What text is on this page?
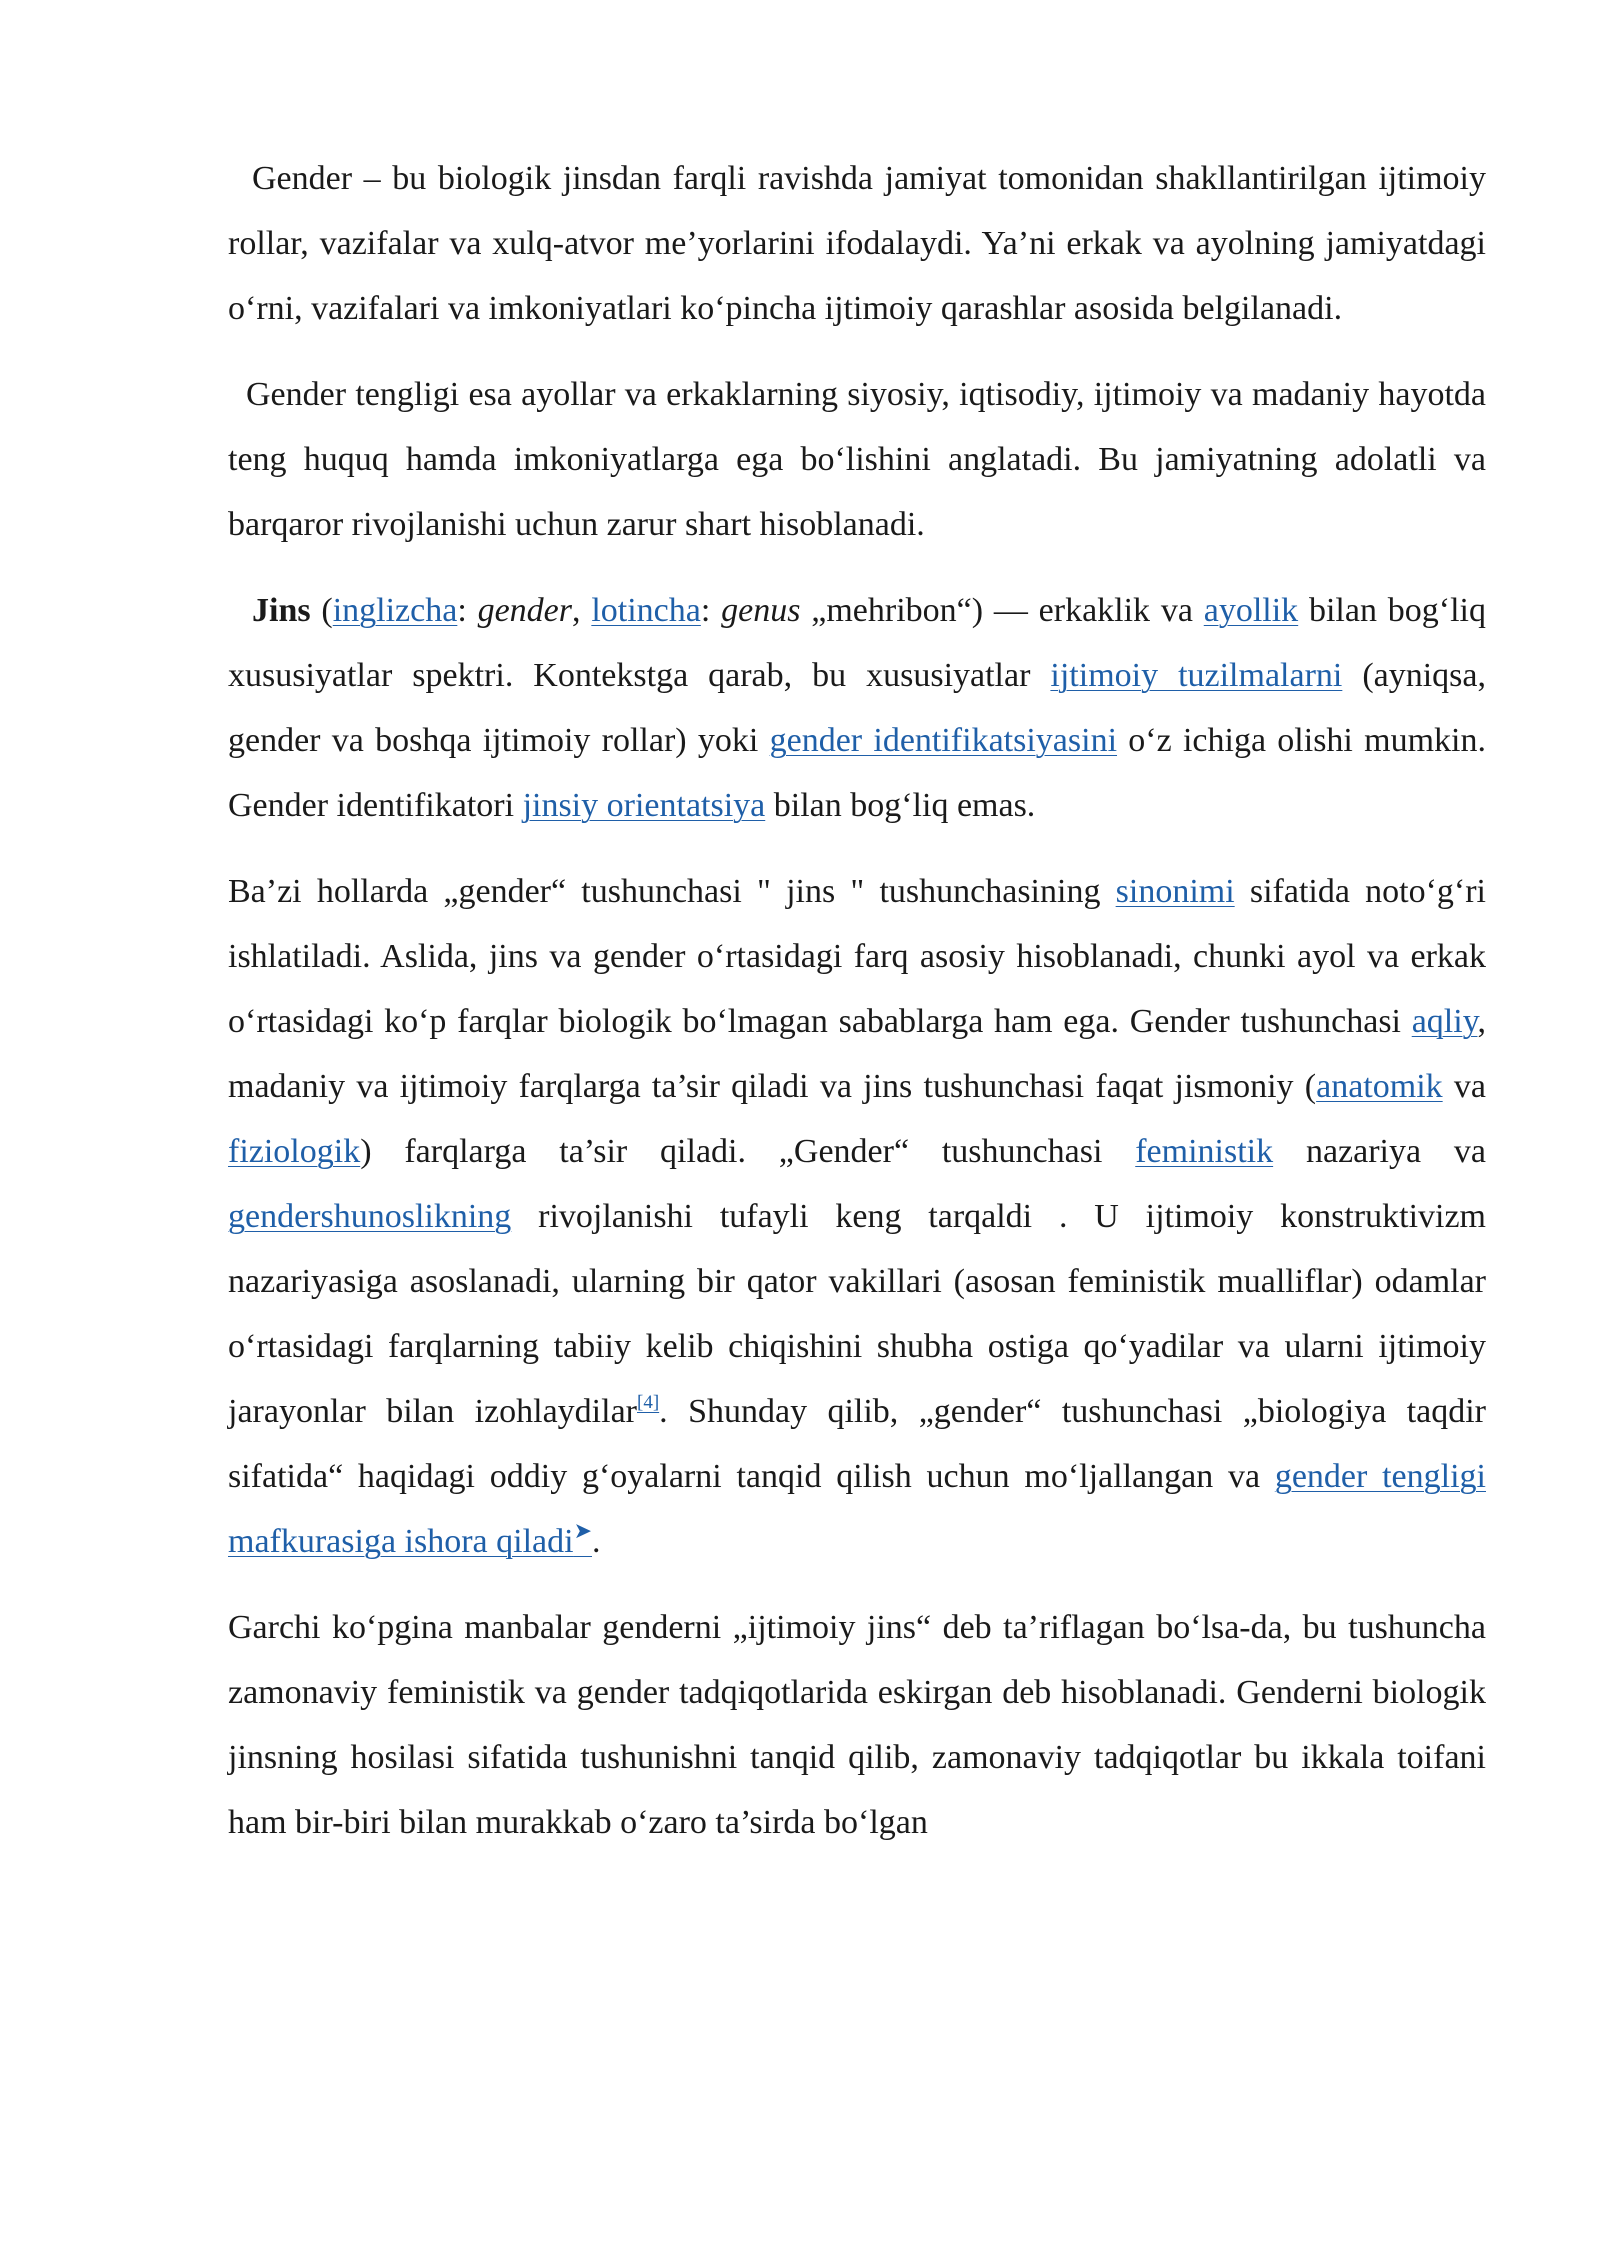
Gender – bu biologik jinsdan farqli ravishda jamiyat tomonidan shakllantirilgan ijtimoiy rollar, vazifalar va xulq-atvor me’yorlarini ifodalaydi. Ya’ni erkak va ayolning jamiyatdagi o‘rni, vazifalari va imkoniyatlari ko‘pincha ijtimoiy qarashlar asosida belgilanadi.

Gender tengligi esa ayollar va erkaklarning siyosiy, iqtisodiy, ijtimoiy va madaniy hayotda teng huquq hamda imkoniyatlarga ega bo‘lishini anglatadi. Bu jamiyatning adolatli va barqaror rivojlanishi uchun zarur shart hisoblanadi.

Jins (inglizcha: gender, lotincha: genus „mehribon“) — erkaklik va ayollik bilan bog‘liq xususiyatlar spektri. Kontekstga qarab, bu xususiyatlar ijtimoiy tuzilmalarni (ayniqsa, gender va boshqa ijtimoiy rollar) yoki gender identifikatsiyasini o‘z ichiga olishi mumkin. Gender identifikatori jinsiy orientatsiya bilan bog‘liq emas.

Ba’zi hollarda „gender“ tushunchasi " jins " tushunchasining sinonimi sifatida noto‘g‘ri ishlatiladi. Aslida, jins va gender o‘rtasidagi farq asosiy hisoblanadi, chunki ayol va erkak o‘rtasidagi ko‘p farqlar biologik bo‘lmagan sabablarga ham ega. Gender tushunchasi aqliy, madaniy va ijtimoiy farqlarga ta’sir qiladi va jins tushunchasi faqat jismoniy (anatomik va fiziologik) farqlarga ta’sir qiladi. „Gender“ tushunchasi feministik nazariya va gendershunoslikning rivojlanishi tufayli keng tarqaldi . U ijtimoiy konstruktivizm nazariyasiga asoslanadi, ularning bir qator vakillari (asosan feministik mualliflar) odamlar o‘rtasidagi farqlarning tabiiy kelib chiqishini shubha ostiga qo‘yadilar va ularni ijtimoiy jarayonlar bilan izohlaydilar[4]. Shunday qilib, „gender“ tushunchasi „biologiya taqdir sifatida“ haqidagi oddiy g‘oyalarni tanqid qilish uchun mo‘ljallangan va gender tengligi mafkurasiga ishora qiladi➤.

Garchi ko‘pgina manbalar genderni „ijtimoiy jins“ deb ta’riflagan bo‘lsa-da, bu tushuncha zamonaviy feministik va gender tadqiqotlarida eskirgan deb hisoblanadi. Genderni biologik jinsning hosilasi sifatida tushunishni tanqid qilib, zamonaviy tadqiqotlar bu ikkala toifani ham bir-biri bilan murakkab o‘zaro ta’sirda bo‘lgan
